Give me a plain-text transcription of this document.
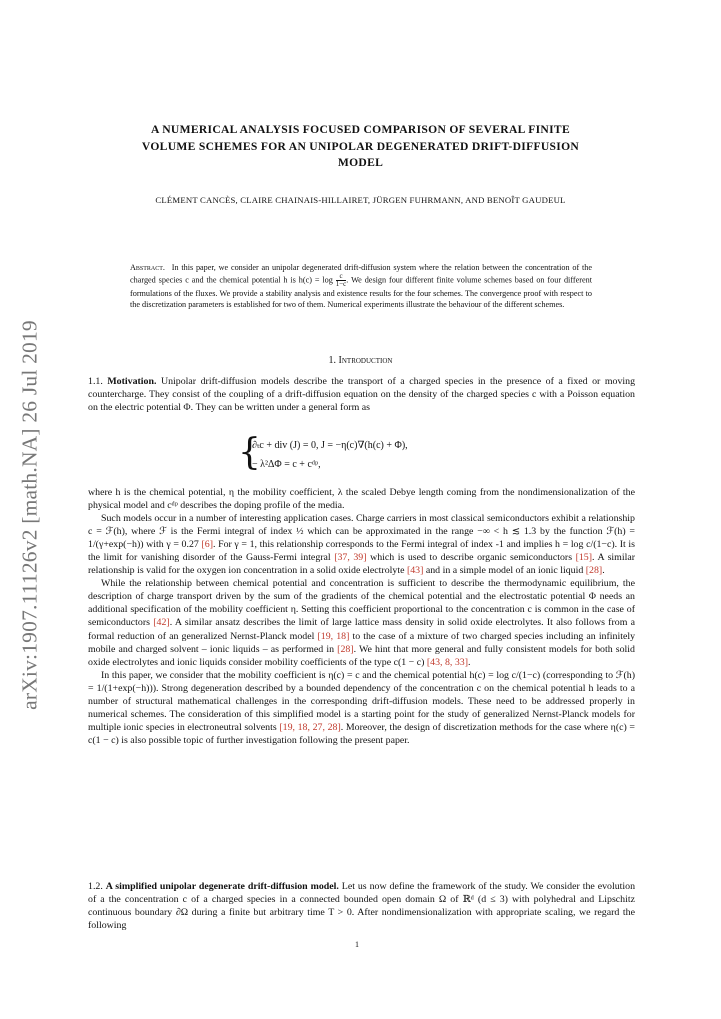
arXiv:1907.11126v2 [math.NA] 26 Jul 2019
A NUMERICAL ANALYSIS FOCUSED COMPARISON OF SEVERAL FINITE
VOLUME SCHEMES FOR AN UNIPOLAR DEGENERATED DRIFT-DIFFUSION
MODEL
CLÉMENT CANCÈS, CLAIRE CHAINAIS-HILLAIRET, JÜRGEN FUHRMANN, AND BENOÎT GAUDEUL
Abstract. In this paper, we consider an unipolar degenerated drift-diffusion system where the relation between the concentration of the charged species c and the chemical potential h is $h(c) = \log \frac{c}{1-c}$ . We design four different finite volume schemes based on four different formulations of the fluxes. We provide a stability analysis and existence results for the four schemes. The convergence proof with respect to the discretization parameters is established for two of them. Numerical experiments illustrate the behaviour of the different schemes.
1. Introduction

1.1. Motivation. Unipolar drift-diffusion models describe the transport of a charged species in the presence of a fixed or moving countercharge. They consist of the coupling of a drift-diffusion equation on the density of the charged species c with a Poisson equation on the electric potential Φ. They can be written under a general form as

{
∂ₜc + div (J) = 0, J = −η(c)∇(h(c) + Φ),
− λ²ΔΦ = c + cᵈᵖ,

where h is the chemical potential, η the mobility coefficient, λ the scaled Debye length coming from the nondimensionalization of the physical model and cᵈᵖ describes the doping profile of the media.

Such models occur in a number of interesting application cases. Charge carriers in most classical semiconductors exhibit a relationship c = ℱ(h), where ℱ is the Fermi integral of index ½ which can be approximated in the range −∞ < h ≲ 1.3 by the function ℱ(h) = 1/(γ+exp(−h)) with γ = 0.27 [6]. For γ = 1, this relationship corresponds to the Fermi integral of index -1 and implies h = log c/(1−c). It is the limit for vanishing disorder of the Gauss-Fermi integral [37, 39] which is used to describe organic semiconductors [15]. A similar relationship is valid for the oxygen ion concentration in a solid oxide electrolyte [43] and in a simple model of an ionic liquid [28].

While the relationship between chemical potential and concentration is sufficient to describe the thermodynamic equilibrium, the description of charge transport driven by the sum of the gradients of the chemical potential and the electrostatic potential Φ needs an additional specification of the mobility coefficient η. Setting this coefficient proportional to the concentration c is common in the case of semiconductors [42]. A similar ansatz describes the limit of large lattice mass density in solid oxide electrolytes. It also follows from a formal reduction of an generalized Nernst-Planck model [19, 18] to the case of a mixture of two charged species including an infinitely mobile and charged solvent – ionic liquids – as performed in [28]. We hint that more general and fully consistent models for both solid oxide electrolytes and ionic liquids consider mobility coefficients of the type c(1 − c) [43, 8, 33].

In this paper, we consider that the mobility coefficient is η(c) = c and the chemical potential h(c) = log c/(1−c) (corresponding to ℱ(h) = 1/(1+exp(−h))). Strong degeneration described by a bounded dependency of the concentration c on the chemical potential h leads to a number of structural mathematical challenges in the corresponding drift-diffusion models. These need to be addressed properly in numerical schemes. The consideration of this simplified model is a starting point for the study of generalized Nernst-Planck models for multiple ionic species in electroneutral solvents [19, 18, 27, 28]. Moreover, the design of discretization methods for the case where η(c) = c(1 − c) is also possible topic of further investigation following the present paper.

1.2. A simplified unipolar degenerate drift-diffusion model. Let us now define the framework of the study. We consider the evolution of a the concentration c of a charged species in a connected bounded open domain Ω of ℝᵈ (d ≤ 3) with polyhedral and Lipschitz continuous boundary ∂Ω during a finite but arbitrary time T > 0. After nondimensionalization with appropriate scaling, we regard the following

1
